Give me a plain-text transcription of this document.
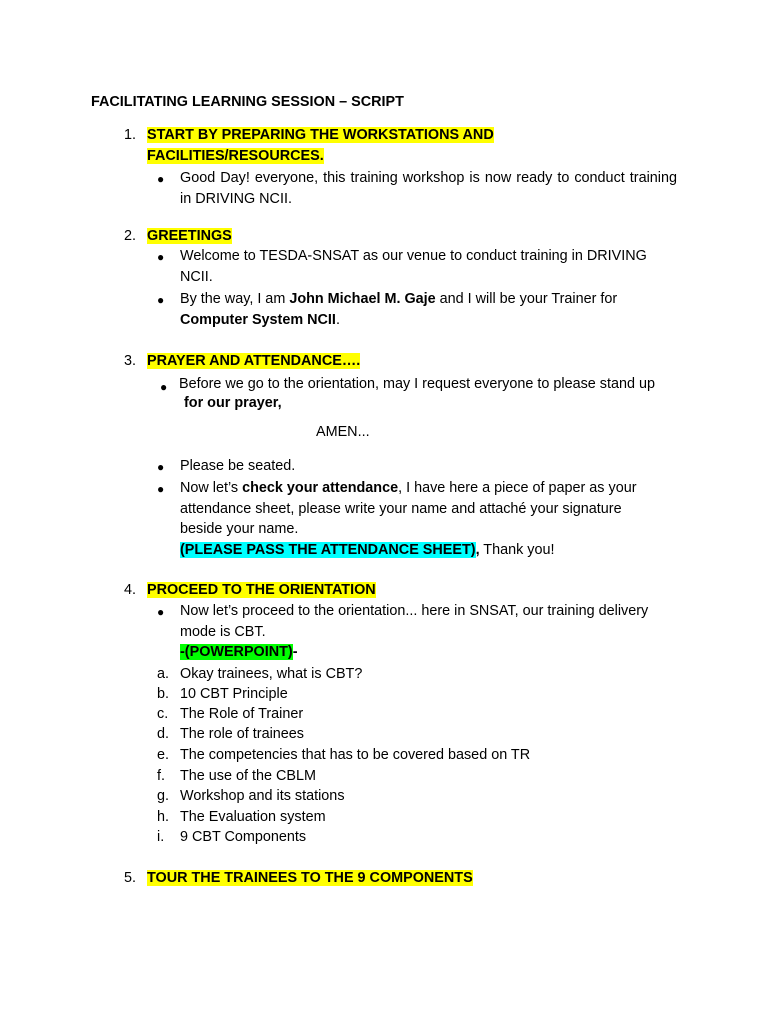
FACILITATING LEARNING SESSION – SCRIPT
1. START BY PREPARING THE WORKSTATIONS AND
FACILITIES/RESOURCES.
● Good Day! everyone, this training workshop is now ready to conduct training in DRIVING NCII.
2. GREETINGS
● Welcome to TESDA-SNSAT as our venue to conduct training in DRIVING NCII.
● By the way, I am John Michael M. Gaje and I will be your Trainer for Computer System NCII.
3. PRAYER AND ATTENDANCE….
● Before we go to the orientation, may I request everyone to please stand up
for our prayer,
AMEN...
● Please be seated.
● Now let’s check your attendance, I have here a piece of paper as your attendance sheet, please write your name and attaché your signature beside your name.
(PLEASE PASS THE ATTENDANCE SHEET), Thank you!
4. PROCEED TO THE ORIENTATION
● Now let’s proceed to the orientation... here in SNSAT, our training delivery mode is CBT.
-(POWERPOINT)-
a. Okay trainees, what is CBT?
b. 10 CBT Principle
c. The Role of Trainer
d. The role of trainees
e. The competencies that has to be covered based on TR
f. The use of the CBLM
g. Workshop and its stations
h. The Evaluation system
i. 9 CBT Components
5. TOUR THE TRAINEES TO THE 9 COMPONENTS
